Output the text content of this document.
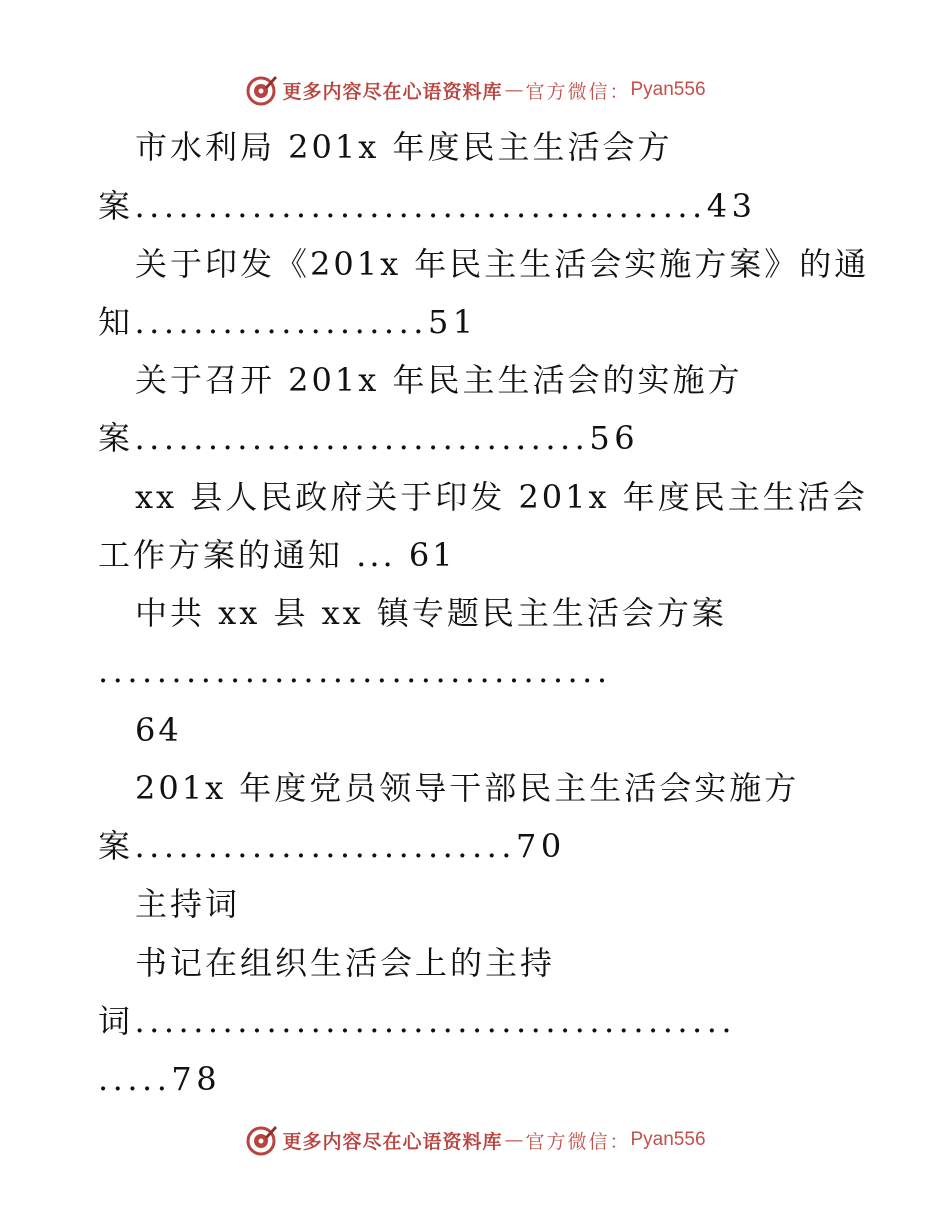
更多内容尽在心语资料库 — 官方微信： Pyan556
市水利局 201x 年度民主生活会方
案.......................................43
关于印发《201x 年民主生活会实施方案》的通
知....................51
关于召开 201x 年民主生活会的实施方
案...............................56
xx 县人民政府关于印发 201x 年度民主生活会
工作方案的通知 ... 61
中共 xx 县 xx 镇专题民主生活会方案
...................................
64
201x 年度党员领导干部民主生活会实施方
案..........................70
主持词
书记在组织生活会上的主持
词.........................................
.....78
更多内容尽在心语资料库 — 官方微信： Pyan556
